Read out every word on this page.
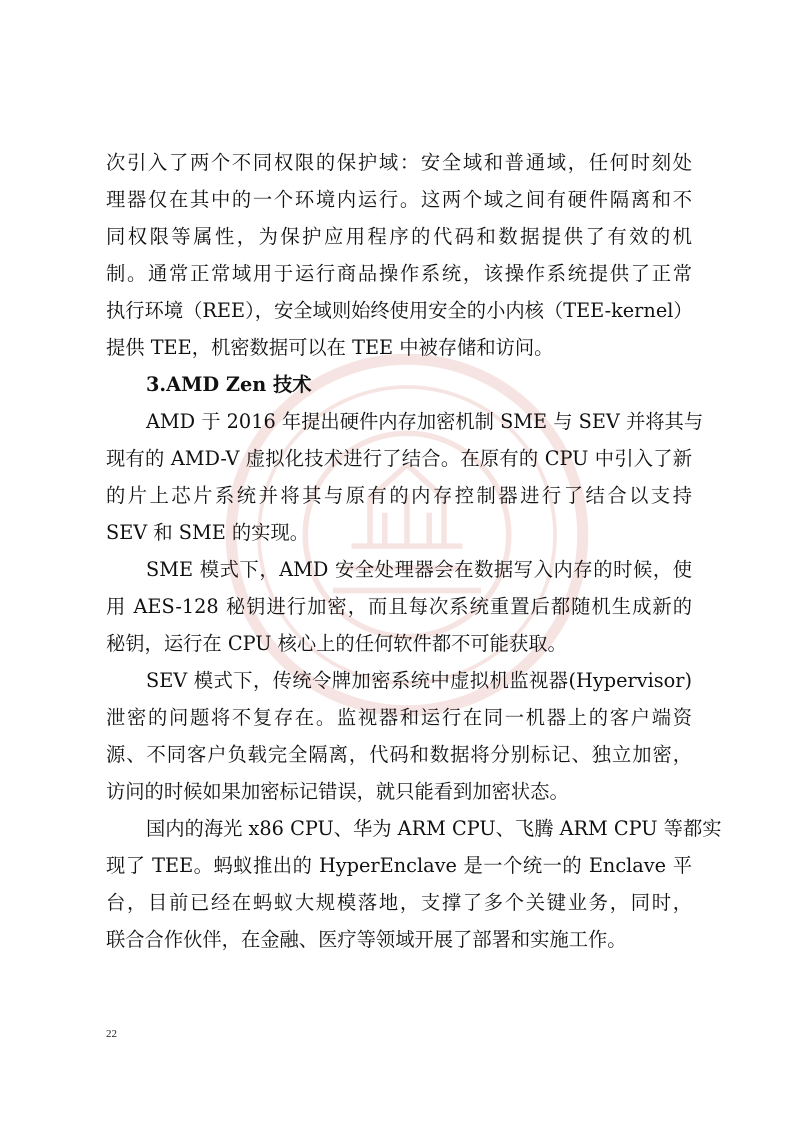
次引入了两个不同权限的保护域：安全域和普通域，任何时刻处
理器仅在其中的一个环境内运行。这两个域之间有硬件隔离和不
同权限等属性，为保护应用程序的代码和数据提供了有效的机
制。通常正常域用于运行商品操作系统，该操作系统提供了正常
执行环境（REE），安全域则始终使用安全的小内核（TEE-kernel）
提供 TEE，机密数据可以在 TEE 中被存储和访问。
3.AMD Zen 技术
AMD 于 2016 年提出硬件内存加密机制 SME 与 SEV 并将其与
现有的 AMD-V 虚拟化技术进行了结合。在原有的 CPU 中引入了新
的片上芯片系统并将其与原有的内存控制器进行了结合以支持
SEV 和 SME 的实现。
SME 模式下，AMD 安全处理器会在数据写入内存的时候，使
用 AES-128 秘钥进行加密，而且每次系统重置后都随机生成新的
秘钥，运行在 CPU 核心上的任何软件都不可能获取。
SEV 模式下，传统令牌加密系统中虚拟机监视器(Hypervisor)
泄密的问题将不复存在。监视器和运行在同一机器上的客户端资
源、不同客户负载完全隔离，代码和数据将分别标记、独立加密，
访问的时候如果加密标记错误，就只能看到加密状态。
国内的海光 x86 CPU、华为 ARM CPU、飞腾 ARM CPU 等都实
现了 TEE。蚂蚁推出的 HyperEnclave 是一个统一的 Enclave 平
台，目前已经在蚂蚁大规模落地，支撑了多个关键业务，同时，
联合合作伙伴，在金融、医疗等领域开展了部署和实施工作。
22
